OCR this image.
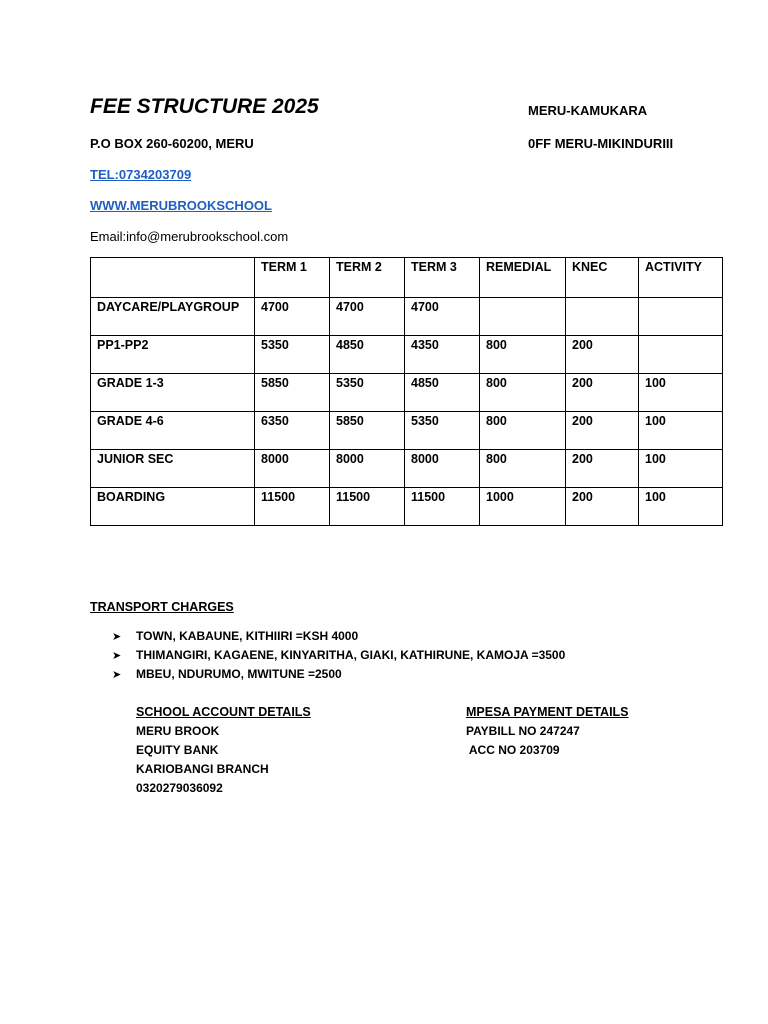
FEE STRUCTURE 2025	MERU-KAMUKARA
P.O BOX 260-60200, MERU	0FF MERU-MIKINDURIII
TEL:0734203709
WWW.MERUBROOKSCHOOL
Email:info@merubrookschool.com
	TERM 1	TERM 2	TERM 3	REMEDIAL	KNEC	ACTIVITY
DAYCARE/PLAYGROUP	4700	4700	4700			
PP1-PP2	5350	4850	4350	800	200	
GRADE 1-3	5850	5350	4850	800	200	100
GRADE 4-6	6350	5850	5350	800	200	100
JUNIOR SEC	8000	8000	8000	800	200	100
BOARDING	11500	11500	11500	1000	200	100
TRANSPORT CHARGES
➤ TOWN, KABAUNE, KITHIIRI =KSH 4000
➤ THIMANGIRI, KAGAENE, KINYARITHA, GIAKI, KATHIRUNE, KAMOJA =3500
➤ MBEU, NDURUMO, MWITUNE =2500
SCHOOL ACCOUNT DETAILS
MERU BROOK
EQUITY BANK
KARIOBANGI BRANCH
0320279036092
MPESA PAYMENT DETAILS
PAYBILL NO 247247
ACC NO 203709
